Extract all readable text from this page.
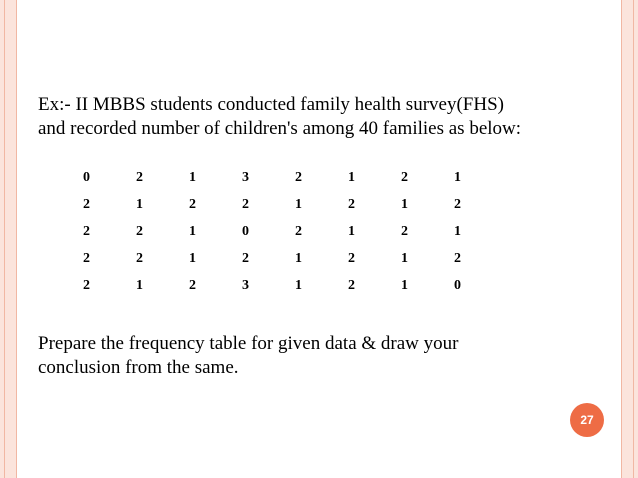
Ex:- II MBBS students conducted family health survey(FHS)

and recorded number of children's among 40 families as below:

0	2	1	3	2	1	2	1
2	1	2	2	1	2	1	2
2	2	1	0	2	1	2	1
2	2	1	2	1	2	1	2
2	1	2	3	1	2	1	0

Prepare the frequency table for given data & draw your

conclusion from the same.

27
